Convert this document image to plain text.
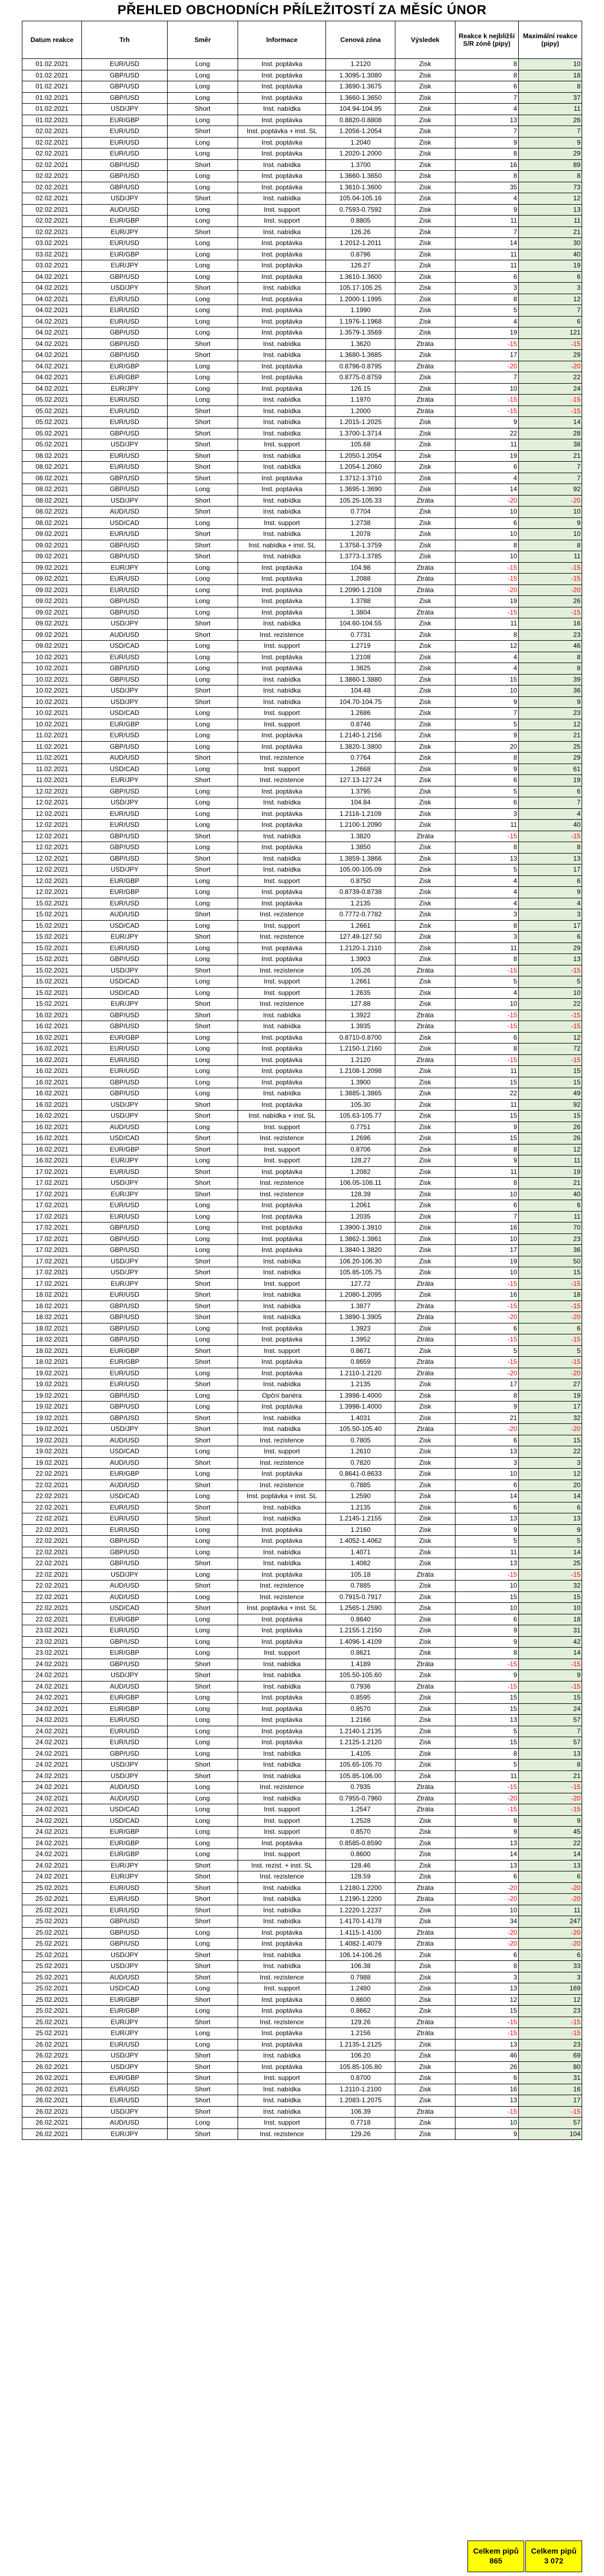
PŘEHLED OBCHODNÍCH PŘÍLEŽITOSTÍ ZA MĚSÍC ÚNOR
Datum reakce	Trh	Směr	Informace	Cenová zóna	Výsledek	Reakce k nejbližší S/R zóně (pipy)	Maximální reakce (pipy)
01.02.2021	EUR/USD	Long	Inst. poptávka	1.2120	Zisk	8	10
01.02.2021	GBP/USD	Long	Inst. poptávka	1.3095-1.3080	Zisk	8	18
01.02.2021	GBP/USD	Long	Inst. poptávka	1.3690-1.3675	Zisk	6	8
01.02.2021	GBP/USD	Long	Inst. poptávka	1.3660-1.3650	Zisk	7	37
01.02.2021	USD/JPY	Short	Inst. nabídka	104.94-104.95	Zisk	4	11
01.02.2021	EUR/GBP	Long	Inst. poptávka	0.8820-0.8808	Zisk	13	26
02.02.2021	EUR/USD	Short	Inst. poptávka + inst. SL	1.2056-1.2054	Zisk	7	7
02.02.2021	EUR/USD	Long	Inst. poptávka	1.2040	Zisk	9	9
02.02.2021	EUR/USD	Long	Inst. poptávka	1.2020-1.2000	Zisk	8	29
02.02.2021	GBP/USD	Short	Inst. nabídka	1.3700	Zisk	16	89
02.02.2021	GBP/USD	Long	Inst. poptávka	1.3660-1.3650	Zisk	8	8
02.02.2021	GBP/USD	Long	Inst. poptávka	1.3610-1.3600	Zisk	35	73
02.02.2021	USD/JPY	Short	Inst. nabídka	105.04-105.16	Zisk	4	12
02.02.2021	AUD/USD	Long	Inst. support	0.7593-0.7592	Zisk	9	13
02.02.2021	EUR/GBP	Long	Inst. support	0.8805	Zisk	11	11
02.02.2021	EUR/JPY	Short	Inst. nabídka	126.26	Zisk	7	21
03.02.2021	EUR/USD	Long	Inst. poptávka	1.2012-1.2011	Zisk	14	30
03.02.2021	EUR/GBP	Long	Inst. poptávka	0.8796	Zisk	11	40
03.02.2021	EUR/JPY	Long	Inst. poptávka	126.27	Zisk	11	19
04.02.2021	GBP/USD	Long	Inst. poptávka	1.3610-1.3600	Zisk	6	6
04.02.2021	USD/JPY	Short	Inst. nabídka	105.17-105.25	Zisk	3	3
04.02.2021	EUR/USD	Long	Inst. poptávka	1.2000-1.1995	Zisk	8	12
04.02.2021	EUR/USD	Long	Inst. poptávka	1.1990	Zisk	5	7
04.02.2021	EUR/USD	Long	Inst. poptávka	1.1976-1.1968	Zisk	4	6
04.02.2021	GBP/USD	Long	Inst. poptávka	1.3579-1.3569	Zisk	19	121
04.02.2021	GBP/USD	Short	Inst. nabídka	1.3620	Ztráta	-15	-15
04.02.2021	GBP/USD	Short	Inst. nabídka	1.3680-1.3685	Zisk	17	29
04.02.2021	EUR/GBP	Long	Inst. poptávka	0.8796-0.8795	Ztráta	-20	-20
04.02.2021	EUR/GBP	Long	Inst. poptávka	0.8775-0.8759	Zisk	7	22
04.02.2021	EUR/JPY	Long	Inst. poptávka	126.15	Zisk	10	24
05.02.2021	EUR/USD	Long	Inst. nabídka	1.1970	Ztráta	-15	-15
05.02.2021	EUR/USD	Short	Inst. nabídka	1.2000	Ztráta	-15	-15
05.02.2021	EUR/USD	Short	Inst. nabídka	1.2015-1.2025	Zisk	9	14
05.02.2021	GBP/USD	Short	Inst. nabídka	1.3700-1.3714	Zisk	22	28
05.02.2021	USD/JPY	Short	Inst. support	105.68	Zisk	11	38
08.02.2021	EUR/USD	Short	Inst. nabídka	1.2050-1.2054	Zisk	19	21
08.02.2021	EUR/USD	Short	Inst. nabídka	1.2054-1.2060	Zisk	6	7
08.02.2021	GBP/USD	Short	Inst. poptávka	1.3712-1.3710	Zisk	4	7
08.02.2021	GBP/USD	Long	Inst. poptávka	1.3695-1.3690	Zisk	14	92
08.02.2021	USD/JPY	Short	Inst. nabídka	105.25-105.33	Ztráta	-20	-20
08.02.2021	AUD/USD	Short	Inst. nabídka	0.7704	Zisk	10	10
08.02.2021	USD/CAD	Long	Inst. support	1.2738	Zisk	6	9
09.02.2021	EUR/USD	Short	Inst. nabídka	1.2078	Zisk	10	10
09.02.2021	GBP/USD	Short	Inst. nabídka + inst. SL	1.3758-1.3759	Zisk	8	8
09.02.2021	GBP/USD	Short	Inst. nabídka	1.3773-1.3785	Zisk	10	11
09.02.2021	EUR/JPY	Long	Inst. poptávka	104.98	Ztráta	-15	-15
09.02.2021	EUR/USD	Long	Inst. poptávka	1.2088	Ztráta	-15	-15
09.02.2021	EUR/USD	Long	Inst. poptávka	1.2090-1.2108	Ztráta	-20	-20
09.02.2021	GBP/USD	Long	Inst. poptávka	1.3788	Zisk	19	26
09.02.2021	GBP/USD	Long	Inst. poptávka	1.3804	Ztráta	-15	-15
09.02.2021	USD/JPY	Short	Inst. nabídka	104.60-104.55	Zisk	11	16
09.02.2021	AUD/USD	Short	Inst. rezistence	0.7731	Zisk	8	23
09.02.2021	USD/CAD	Long	Inst. support	1.2719	Zisk	12	46
10.02.2021	EUR/USD	Long	Inst. poptávka	1.2108	Zisk	4	8
10.02.2021	GBP/USD	Long	Inst. poptávka	1.3825	Zisk	4	8
10.02.2021	GBP/USD	Long	Inst. nabídka	1.3860-1.3880	Zisk	15	39
10.02.2021	USD/JPY	Short	Inst. nabídka	104.48	Zisk	10	36
10.02.2021	USD/JPY	Short	Inst. nabídka	104.70-104.75	Zisk	9	9
10.02.2021	USD/CAD	Long	Inst. support	1.2686	Zisk	7	23
10.02.2021	EUR/GBP	Long	Inst. support	0.8746	Zisk	5	12
11.02.2021	EUR/USD	Long	Inst. poptávka	1.2140-1.2156	Zisk	9	21
11.02.2021	GBP/USD	Long	Inst. poptávka	1.3820-1.3800	Zisk	20	25
11.02.2021	AUD/USD	Short	Inst. rezistence	0.7764	Zisk	8	29
11.02.2021	USD/CAD	Long	Inst. support	1.2668	Zisk	9	61
11.02.2021	EUR/JPY	Short	Inst. rezistence	127.13-127.24	Zisk	6	19
12.02.2021	GBP/USD	Long	Inst. poptávka	1.3795	Zisk	5	6
12.02.2021	USD/JPY	Long	Inst. nabídka	104.84	Zisk	6	7
12.02.2021	EUR/USD	Long	Inst. poptávka	1.2116-1.2109	Zisk	3	4
12.02.2021	EUR/USD	Long	Inst. poptávka	1.2100-1.2090	Zisk	11	40
12.02.2021	GBP/USD	Short	Inst. nabídka	1.3820	Ztráta	-15	-15
12.02.2021	GBP/USD	Long	Inst. poptávka	1.3850	Zisk	8	8
12.02.2021	GBP/USD	Short	Inst. nabídka	1.3859-1.3866	Zisk	13	13
12.02.2021	USD/JPY	Short	Inst. nabídka	105.00-105.09	Zisk	5	17
12.02.2021	EUR/GBP	Long	Inst. support	0.8750	Zisk	4	6
12.02.2021	EUR/GBP	Long	Inst. poptávka	0.8739-0.8738	Zisk	4	9
15.02.2021	EUR/USD	Long	Inst. poptávka	1.2135	Zisk	4	4
15.02.2021	AUD/USD	Short	Inst. rezistence	0.7772-0.7782	Zisk	3	3
15.02.2021	USD/CAD	Long	Inst. support	1.2661	Zisk	8	17
15.02.2021	EUR/JPY	Short	Inst. rezistence	127.49-127.50	Zisk	3	6
15.02.2021	EUR/USD	Long	Inst. poptávka	1.2120-1.2110	Zisk	11	29
15.02.2021	GBP/USD	Long	Inst. poptávka	1.3903	Zisk	8	13
15.02.2021	USD/JPY	Short	Inst. rezistence	105.26	Ztráta	-15	-15
15.02.2021	USD/CAD	Long	Inst. support	1.2661	Zisk	5	5
15.02.2021	USD/CAD	Long	Inst. support	1.2635	Zisk	4	10
15.02.2021	EUR/JPY	Short	Inst. rezistence	127.88	Zisk	10	22
16.02.2021	GBP/USD	Short	Inst. nabídka	1.3922	Ztráta	-15	-15
16.02.2021	GBP/USD	Short	Inst. nabídka	1.3935	Ztráta	-15	-15
16.02.2021	EUR/GBP	Long	Inst. poptávka	0.8710-0.8700	Zisk	6	12
16.02.2021	EUR/USD	Long	Inst. poptávka	1.2150-1.2160	Zisk	8	72
16.02.2021	EUR/USD	Long	Inst. poptávka	1.2120	Ztráta	-15	-15
16.02.2021	EUR/USD	Long	Inst. poptávka	1.2108-1.2098	Zisk	11	15
16.02.2021	GBP/USD	Long	Inst. poptávka	1.3900	Zisk	15	15
16.02.2021	GBP/USD	Long	Inst. nabídka	1.3885-1.3865	Zisk	22	49
16.02.2021	USD/JPY	Short	Inst. poptávka	105.30	Zisk	11	92
16.02.2021	USD/JPY	Short	Inst. nabídka + inst. SL	105.63-105.77	Zisk	15	15
16.02.2021	AUD/USD	Long	Inst. support	0.7751	Zisk	9	26
16.02.2021	USD/CAD	Short	Inst. rezistence	1.2696	Zisk	15	26
16.02.2021	EUR/GBP	Short	Inst. support	0.8706	Zisk	8	12
16.02.2021	EUR/JPY	Long	Inst. support	128.27	Zisk	9	11
17.02.2021	EUR/USD	Short	Inst. poptávka	1.2082	Zisk	11	19
17.02.2021	USD/JPY	Short	Inst. rezistence	106.05-106.11	Zisk	8	21
17.02.2021	EUR/JPY	Short	Inst. rezistence	128.39	Zisk	10	40
17.02.2021	EUR/USD	Long	Inst. poptávka	1.2061	Zisk	6	6
17.02.2021	EUR/USD	Long	Inst. poptávka	1.2035	Zisk	7	11
17.02.2021	GBP/USD	Long	Inst. poptávka	1.3900-1.3910	Zisk	16	70
17.02.2021	GBP/USD	Long	Inst. poptávka	1.3862-1.3861	Zisk	10	23
17.02.2021	GBP/USD	Long	Inst. poptávka	1.3840-1.3820	Zisk	17	36
17.02.2021	USD/JPY	Short	Inst. nabídka	106.20-106.30	Zisk	19	50
17.02.2021	USD/JPY	Short	Inst. nabídka	105.85-105.75	Zisk	10	15
17.02.2021	EUR/JPY	Short	Inst. support	127.72	Ztráta	-15	-15
18.02.2021	EUR/USD	Short	Inst. nabídka	1.2080-1.2095	Zisk	16	18
18.02.2021	GBP/USD	Short	Inst. nabídka	1.3877	Ztráta	-15	-15
18.02.2021	GBP/USD	Short	Inst. nabídka	1.3890-1.3905	Ztráta	-20	-20
18.02.2021	GBP/USD	Long	Inst. poptávka	1.3923	Zisk	6	6
18.02.2021	GBP/USD	Long	Inst. poptávka	1.3952	Ztráta	-15	-15
18.02.2021	EUR/GBP	Short	Inst. support	0.8671	Zisk	5	5
18.02.2021	EUR/GBP	Short	Inst. poptávka	0.8659	Ztráta	-15	-15
19.02.2021	EUR/USD	Long	Inst. poptávka	1.2110-1.2120	Ztráta	-20	-20
19.02.2021	EUR/USD	Short	Inst. nabídka	1.2135	Zisk	17	27
19.02.2021	GBP/USD	Long	Opční bariéra	1.3998-1.4000	Zisk	8	19
19.02.2021	GBP/USD	Long	Inst. poptávka	1.3998-1.4000	Zisk	9	17
19.02.2021	GBP/USD	Short	Inst. nabídka	1.4031	Zisk	21	32
19.02.2021	USD/JPY	Short	Inst. nabídka	105.50-105.40	Ztráta	-20	-20
19.02.2021	AUD/USD	Short	Inst. rezistence	0.7805	Zisk	6	15
19.02.2021	USD/CAD	Long	Inst. support	1.2610	Zisk	13	22
19.02.2021	AUD/USD	Short	Inst. rezistence	0.7820	Zisk	3	3
22.02.2021	EUR/GBP	Long	Inst. poptávka	0.8641-0.8633	Zisk	10	12
22.02.2021	AUD/USD	Short	Inst. rezistence	0.7885	Zisk	6	20
22.02.2021	USD/CAD	Long	Inst. poptávka + inst. SL	1.2590	Zisk	14	14
22.02.2021	EUR/USD	Short	Inst. nabídka	1.2135	Zisk	6	6
22.02.2021	EUR/USD	Short	Inst. nabídka	1.2145-1.2155	Zisk	13	13
22.02.2021	EUR/USD	Long	Inst. poptávka	1.2160	Zisk	9	9
22.02.2021	GBP/USD	Long	Inst. poptávka	1.4052-1.4062	Zisk	5	5
22.02.2021	GBP/USD	Long	Inst. nabídka	1.4071	Zisk	11	14
22.02.2021	GBP/USD	Short	Inst. nabídka	1.4082	Zisk	13	25
22.02.2021	USD/JPY	Long	Inst. poptávka	105.18	Ztráta	-15	-15
22.02.2021	AUD/USD	Short	Inst. rezistence	0.7885	Zisk	10	32
22.02.2021	AUD/USD	Long	Inst. rezistence	0.7915-0.7917	Zisk	15	15
22.02.2021	USD/CAD	Short	Inst. poptávka + inst. SL	1.2565-1.2590	Zisk	10	10
22.02.2021	EUR/GBP	Long	Inst. poptávka	0.8640	Zisk	6	18
23.02.2021	EUR/USD	Long	Inst. poptávka	1.2155-1.2150	Zisk	9	31
23.02.2021	GBP/USD	Long	Inst. poptávka	1.4096-1.4109	Zisk	9	42
23.02.2021	EUR/GBP	Long	Inst. support	0.8621	Zisk	8	14
24.02.2021	GBP/USD	Short	Inst. nabídka	1.4189	Ztráta	-15	-15
24.02.2021	USD/JPY	Short	Inst. nabídka	105.50-105.60	Zisk	9	9
24.02.2021	AUD/USD	Short	Inst. nabídka	0.7936	Ztráta	-15	-15
24.02.2021	EUR/GBP	Long	Inst. poptávka	0.8595	Zisk	15	15
24.02.2021	EUR/GBP	Long	Inst. poptávka	0.8570	Zisk	15	24
24.02.2021	EUR/USD	Long	Inst. poptávka	1.2166	Zisk	13	57
24.02.2021	EUR/USD	Long	Inst. poptávka	1.2140-1.2135	Zisk	5	7
24.02.2021	EUR/USD	Long	Inst. poptávka	1.2125-1.2120	Zisk	15	57
24.02.2021	GBP/USD	Long	Inst. nabídka	1.4105	Zisk	8	13
24.02.2021	USD/JPY	Short	Inst. nabídka	105.65-105.70	Zisk	5	8
24.02.2021	USD/JPY	Short	Inst. nabídka	105.85-106.00	Zisk	11	21
24.02.2021	AUD/USD	Long	Inst. rezistence	0.7935	Ztráta	-15	-15
24.02.2021	AUD/USD	Long	Inst. nabídka	0.7955-0.7960	Ztráta	-20	-20
24.02.2021	USD/CAD	Long	Inst. support	1.2547	Ztráta	-15	-15
24.02.2021	USD/CAD	Long	Inst. support	1.2528	Zisk	9	9
24.02.2021	EUR/GBP	Long	Inst. support	0.8570	Zisk	9	45
24.02.2021	EUR/GBP	Long	Inst. poptávka	0.8585-0.8590	Zisk	13	22
24.02.2021	EUR/GBP	Long	Inst. support	0.8600	Zisk	14	14
24.02.2021	EUR/JPY	Short	Inst. rezist. + inst. SL	128.46	Zisk	13	13
24.02.2021	EUR/JPY	Short	Inst. rezistence	128.59	Zisk	6	6
25.02.2021	EUR/USD	Short	Inst. nabídka	1.2180-1.2200	Ztráta	-20	-20
25.02.2021	EUR/USD	Short	Inst. nabídka	1.2190-1.2200	Ztráta	-20	-20
25.02.2021	EUR/USD	Short	Inst. nabídka	1.2220-1.2237	Zisk	10	11
25.02.2021	GBP/USD	Short	Inst. nabídka	1.4170-1.4178	Zisk	34	247
25.02.2021	GBP/USD	Long	Inst. poptávka	1.4115-1.4100	Ztráta	-20	-20
25.02.2021	GBP/USD	Long	Inst. poptávka	1.4082-1.4079	Ztráta	-20	-20
25.02.2021	USD/JPY	Short	Inst. nabídka	106.14-106.26	Zisk	6	6
25.02.2021	USD/JPY	Short	Inst. nabídka	106.38	Zisk	8	33
25.02.2021	AUD/USD	Short	Inst. rezistence	0.7988	Zisk	3	3
25.02.2021	USD/CAD	Long	Inst. support	1.2480	Zisk	13	169
25.02.2021	EUR/GBP	Short	Inst. poptávka	0.8600	Zisk	12	12
25.02.2021	EUR/GBP	Long	Inst. poptávka	0.8662	Zisk	15	23
25.02.2021	EUR/JPY	Short	Inst. rezistence	129.26	Ztráta	-15	-15
25.02.2021	EUR/JPY	Long	Inst. poptávka	1.2156	Ztráta	-15	-15
26.02.2021	EUR/USD	Long	Inst. poptávka	1.2135-1.2125	Zisk	13	23
26.02.2021	USD/JPY	Short	Inst. nabídka	106.20	Zisk	46	69
26.02.2021	USD/JPY	Short	Inst. poptávka	105.85-105.80	Zisk	26	80
26.02.2021	EUR/GBP	Short	Inst. support	0.8700	Zisk	6	31
26.02.2021	EUR/USD	Short	Inst. nabídka	1.2110-1.2100	Zisk	16	16
26.02.2021	EUR/USD	Short	Inst. nabídka	1.2083-1.2075	Zisk	13	17
26.02.2021	USD/JPY	Short	Inst. nabídka	106.39	Ztráta	-15	-15
26.02.2021	AUD/USD	Long	Inst. support	0.7718	Zisk	10	57
26.02.2021	EUR/JPY	Short	Inst. rezistence	129.26	Zisk	9	104
Celkem pipů
865
Celkem pipů
3 072
